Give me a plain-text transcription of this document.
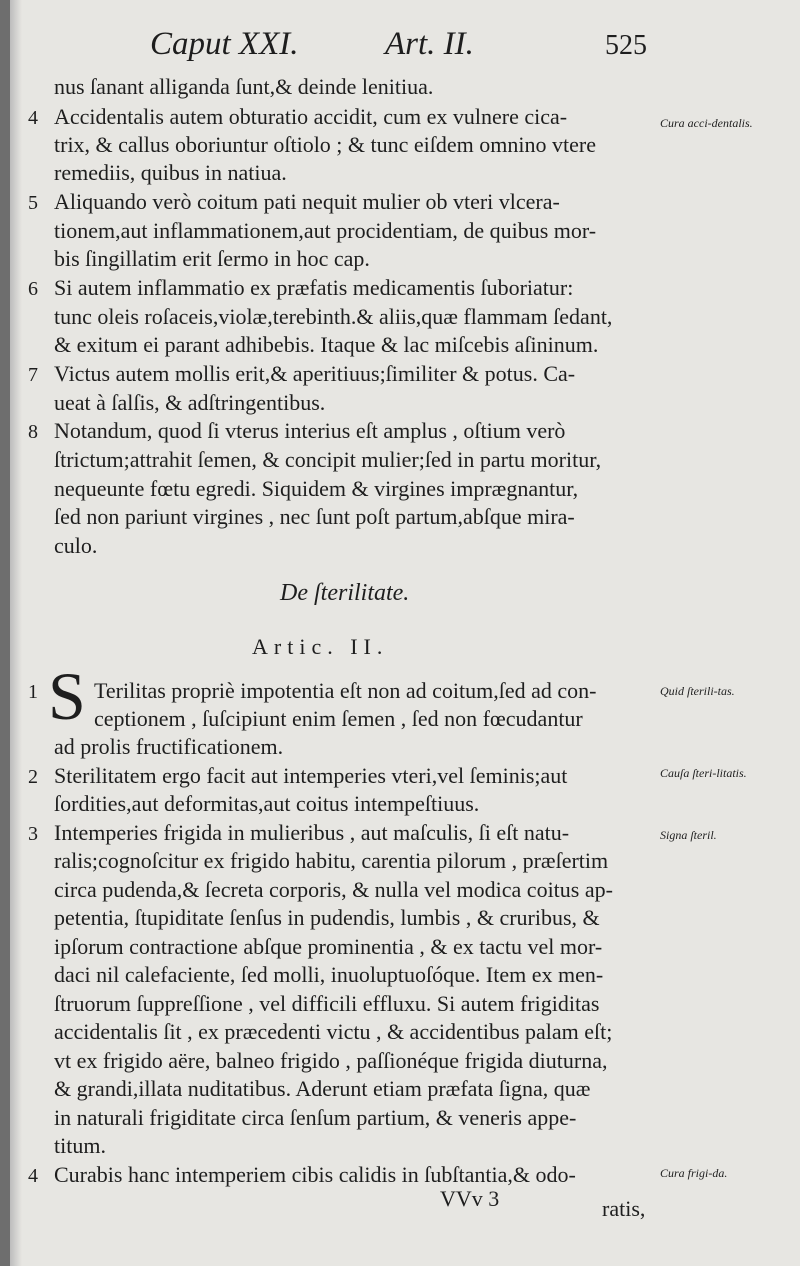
Caput XXI.	Art. II.	525
nus ſanant alliganda ſunt,& deinde lenitiua.
4 Accidentalis autem obturatio accidit, cum ex vulnere cica-
trix, & callus oboriuntur oſtiolo ; & tunc eiſdem omnino vtere
remediis, quibus in natiua.
5 Aliquando verò coitum pati nequit mulier ob vteri vlcera-
tionem,aut inflammationem,aut procidentiam, de quibus mor-
bis ſingillatim erit ſermo in hoc cap.
6 Si autem inflammatio ex præfatis medicamentis ſuboriatur:
tunc oleis roſaceis,violæ,terebinth.& aliis,quæ flammam ſedant,
& exitum ei parant adhibebis. Itaque & lac miſcebis aſininum.
7 Victus autem mollis erit,& aperitiuus;ſimiliter & potus. Ca-
ueat à ſalſis, & adſtringentibus.
8 Notandum, quod ſi vterus interius eſt amplus , oſtium verò
ſtrictum;attrahit ſemen, & concipit mulier;ſed in partu moritur,
nequeunte fœtu egredi. Siquidem & virgines imprægnantur,
ſed non pariunt virgines , nec ſunt poſt partum,abſque mira-
culo.
De ſterilitate.
Artic. II.
1	Terilitas propriè impotentia eſt non ad coitum,ſed ad con-
S ceptionem , ſuſcipiunt enim ſemen , ſed non fœcudantur
ad prolis fructificationem.
2 Sterilitatem ergo facit aut intemperies vteri,vel ſeminis;aut
ſordities,aut deformitas,aut coitus intempeſtiuus.
3 Intemperies frigida in mulieribus , aut maſculis, ſi eſt natu-
ralis;cognoſcitur ex frigido habitu, carentia pilorum , præſertim
circa pudenda,& ſecreta corporis, & nulla vel modica coitus ap-
petentia, ſtupiditate ſenſus in pudendis, lumbis , & cruribus, &
ipſorum contractione abſque prominentia , & ex tactu vel mor-
daci nil calefaciente, ſed molli, inuoluptuoſóque. Item ex men-
ſtruorum ſuppreſſione , vel difficili effluxu. Si autem frigiditas
accidentalis ſit , ex præcedenti victu , & accidentibus palam eſt;
vt ex frigido aëre, balneo frigido , paſſionéque frigida diuturna,
& grandi,illata nuditatibus. Aderunt etiam præfata ſigna, quæ
in naturali frigiditate circa ſenſum partium, & veneris appe-
titum.
4 Curabis hanc intemperiem cibis calidis in ſubſtantia,& odo-
Cura acci-dentalis.
Quid ſterili-tas.
Cauſa ſteri-litatis.
Signa ſteril.
Cura frigi-da.
VVv 3	ratis,
